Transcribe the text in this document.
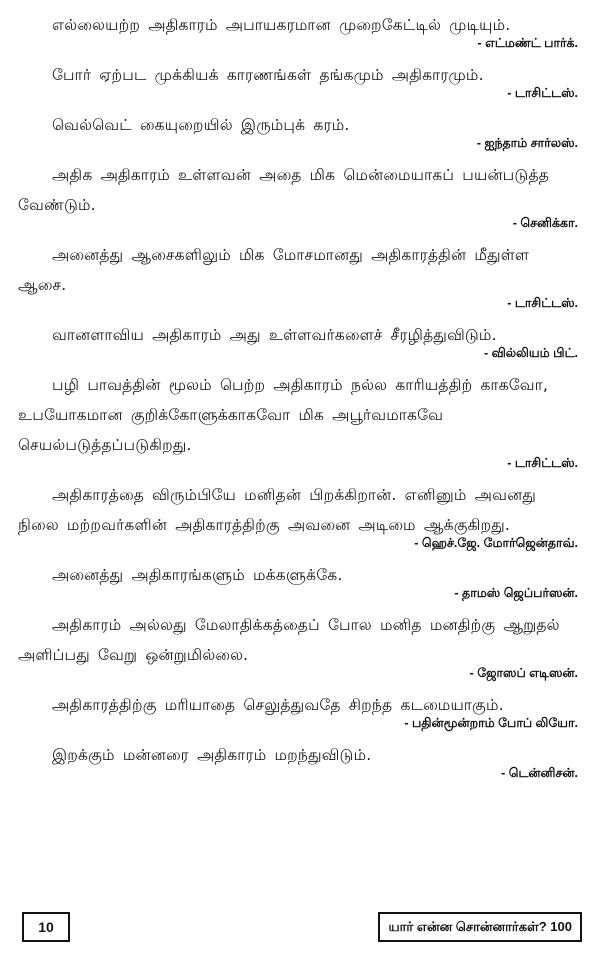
எல்லையற்ற அதிகாரம் அபாயகரமான முறைகேட்டில் முடியும்.

- எட்மண்ட் பார்க்.

போர் ஏற்பட முக்கியக் காரணங்கள் தங்கமும் அதிகாரமும்.

- டாசிட்டஸ்.

வெல்வெட் கையுறையில் இரும்புக் கரம்.

- ஐந்தாம் சார்லஸ்.

அதிக அதிகாரம் உள்ளவன் அதை மிக மென்மையாகப் பயன்படுத்த வேண்டும்.

- செனிக்கா.

அனைத்து ஆசைகளிலும் மிக மோசமானது அதிகாரத்தின் மீதுள்ள ஆசை.

- டாசிட்டஸ்.

வானளாவிய அதிகாரம் அது உள்ளவர்களைச் சீரழித்துவிடும்.

- வில்லியம் பிட்.

பழி பாவத்தின் மூலம் பெற்ற அதிகாரம் நல்ல காரியத்திற் காகவோ, உபயோகமான குறிக்கோளுக்காகவோ மிக அபூர்வமாகவே செயல்படுத்தப்படுகிறது.

- டாசிட்டஸ்.

அதிகாரத்தை விரும்பியே மனிதன் பிறக்கிறான். எனினும் அவனது நிலை மற்றவர்களின் அதிகாரத்திற்கு அவனை அடிமை ஆக்குகிறது.

- ஹெச்.ஜே. மோர்ஜென்தாவ்.

அனைத்து அதிகாரங்களும் மக்களுக்கே.

- தாமஸ் ஜெப்பர்ஸன்.

அதிகாரம் அல்லது மேலாதிக்கத்தைப் போல மனித மனதிற்கு ஆறுதல் அளிப்பது வேறு ஒன்றுமில்லை.

- ஜோஸப் எடிஸன்.

அதிகாரத்திற்கு மரியாதை செலுத்துவதே சிறந்த கடமையாகும்.

- பதின்மூன்றாம் போப் லியோ.

இறக்கும் மன்னரை அதிகாரம் மறந்துவிடும்.

- டென்னிசன்.

10	யார் என்ன சொன்னார்கள்? 100
